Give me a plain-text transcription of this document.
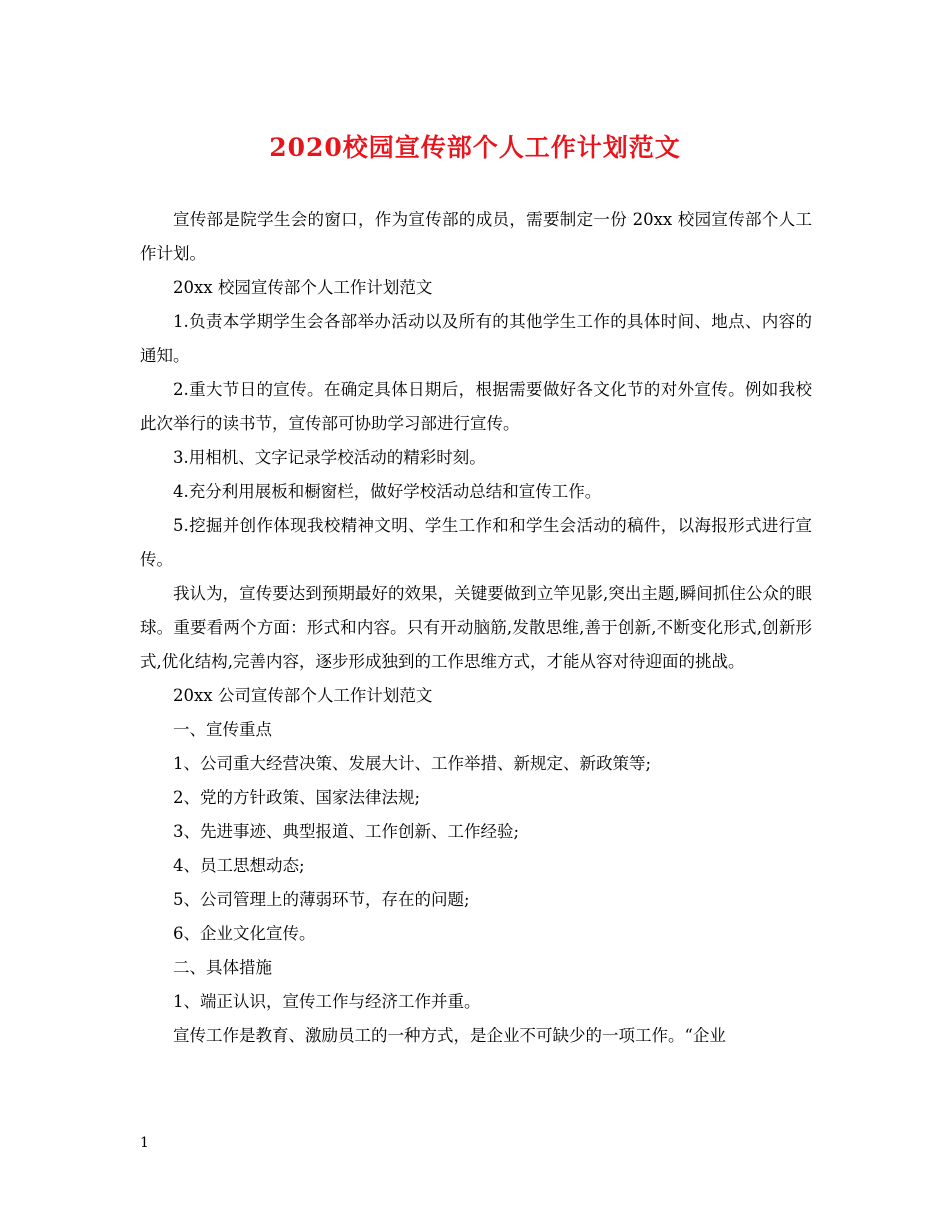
2020校园宣传部个人工作计划范文

宣传部是院学生会的窗口，作为宣传部的成员，需要制定一份 20xx 校园宣传部个人工作计划。

20xx 校园宣传部个人工作计划范文

1.负责本学期学生会各部举办活动以及所有的其他学生工作的具体时间、地点、内容的通知。

2.重大节日的宣传。在确定具体日期后，根据需要做好各文化节的对外宣传。例如我校此次举行的读书节，宣传部可协助学习部进行宣传。

3.用相机、文字记录学校活动的精彩时刻。

4.充分利用展板和橱窗栏，做好学校活动总结和宣传工作。

5.挖掘并创作体现我校精神文明、学生工作和和学生会活动的稿件，以海报形式进行宣传。

我认为，宣传要达到预期最好的效果，关键要做到立竿见影,突出主题,瞬间抓住公众的眼球。重要看两个方面：形式和内容。只有开动脑筋,发散思维,善于创新,不断变化形式,创新形式,优化结构,完善内容，逐步形成独到的工作思维方式，才能从容对待迎面的挑战。

20xx 公司宣传部个人工作计划范文

一、宣传重点

1、公司重大经营决策、发展大计、工作举措、新规定、新政策等;

2、党的方针政策、国家法律法规;

3、先进事迹、典型报道、工作创新、工作经验;

4、员工思想动态;

5、公司管理上的薄弱环节，存在的问题;

6、企业文化宣传。

二、具体措施

1、端正认识，宣传工作与经济工作并重。

宣传工作是教育、激励员工的一种方式，是企业不可缺少的一项工作。“企业

1
